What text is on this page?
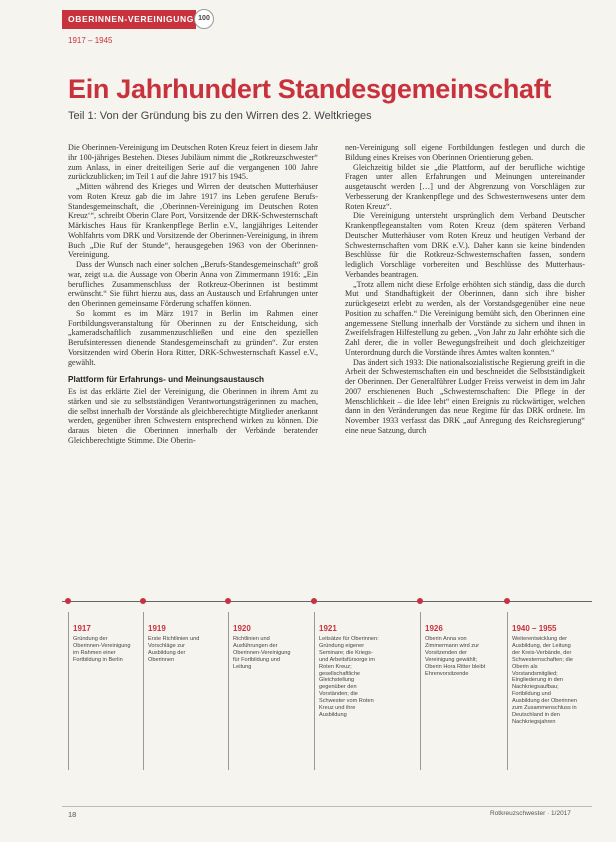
OBERINNEN-VEREINIGUNG 100
1917 – 1945
Ein Jahrhundert Standesgemeinschaft
Teil 1: Von der Gründung bis zu den Wirren des 2. Weltkrieges

Die Oberinnen-Vereinigung im Deutschen Roten Kreuz feiert in diesem Jahr ihr 100-jähriges Bestehen. Dieses Jubiläum nimmt die „Rotkreuzschwester“ zum Anlass, in einer dreiteiligen Serie auf die vergangenen 100 Jahre zurückzublicken; im Teil 1 auf die Jahre 1917 bis 1945.

„Mitten während des Krieges und Wirren der deutschen Mutterhäuser vom Roten Kreuz gab die im Jahre 1917 ins Leben gerufene Berufs-Standesgemeinschaft, die ‚Oberinnen-Vereinigung im Deutschen Roten Kreuz‘“, schreibt Oberin Clare Port, Vorsitzende der DRK-Schwesternschaft Märkisches Haus für Krankenpflege Berlin e.V., langjähriges Leitender Wohlfahrts vom DRK und Vorsitzende der Oberinnen-Vereinigung, in ihrem Buch „Die Ruf der Stunde“, herausgegeben 1963 von der Oberinnen-Vereinigung.

Dass der Wunsch nach einer solchen „Berufs-Standesgemeinschaft“ groß war, zeigt u.a. die Aussage von Oberin Anna von Zimmermann 1916: „Ein berufliches Zusammenschluss der Rotkreuz-Oberinnen ist bestimmt erwünscht.“ Sie führt hierzu aus, dass an Austausch und Erfahrungen unter den Oberinnen gemeinsame Förderung schaffen können.

So kommt es im März 1917 in Berlin im Rahmen einer Fortbildungsveranstaltung für Oberinnen zu der Entscheidung, sich „kameradschaftlich zusammenzuschließen und eine den speziellen Berufsinteressen dienende Standesgemeinschaft zu gründen“. Zur ersten Vorsitzenden wird Oberin Hora Ritter, DRK-Schwesternschaft Kassel e.V., gewählt.

Plattform für Erfahrungs- und Meinungsaustausch

Es ist das erklärte Ziel der Vereinigung, die Oberinnen in ihrem Amt zu stärken und sie zu selbstständigen Verantwortungsträgerinnen zu machen, die selbst innerhalb der Vorstände als gleichberechtigte Mitglieder anerkannt werden, gegenüber ihren Schwestern entsprechend wirken zu können. Die daraus bieten die Oberinnen innerhalb der Verbände beratender Gleichberechtigte Stimme. Die Oberin-

nen-Vereinigung soll eigene Fortbildungen festlegen und durch die Bildung eines Kreises von Oberinnen Orientierung geben.

Gleichzeitig bildet sie „die Plattform, auf der berufliche wichtige Fragen unter allen Erfahrungen und Meinungen untereinander ausgetauscht werden […] und der Abgrenzung von Vorschlägen zur Verbesserung der Krankenpflege und des Schwesternwesens unter dem Roten Kreuz“.

Die Vereinigung untersteht ursprünglich dem Verband Deutscher Krankenpflegeanstalten vom Roten Kreuz (dem späteren Verband Deutscher Mutterhäuser vom Roten Kreuz und heutigen Verband der Schwesternschaften vom DRK e.V.). Daher kann sie keine bindenden Beschlüsse für die Rotkreuz-Schwesternschaften fassen, sondern lediglich Vorschläge vorbereiten und Beschlüsse des Mutterhaus-Verbandes beantragen.

„Trotz allem nicht diese Erfolge erhöhten sich ständig, dass die durch Mut und Standhaftigkeit der Oberinnen, dann sich ihre bisher zurückgesetzt erlebt zu werden, als der Vorstandsgegenüber eine neue Position zu schaffen.“ Die Vereinigung bemüht sich, den Oberinnen eine angemessene Stellung innerhalb der Vorstände zu sichern und ihnen in Zweifelsfragen Hilfestellung zu geben. „Von Jahr zu Jahr erhöhte sich die Zahl derer, die in voller Bewegungsfreiheit und doch gleichzeitiger Unterordnung durch die Vorstände ihres Amtes walten konnten.“

Das ändert sich 1933: Die nationalsozialistische Regierung greift in die Arbeit der Schwesternschaften ein und beschneidet die Selbstständigkeit der Oberinnen. Der Generalführer Ludger Freiss verweist in dem im Jahr 2007 erschienenen Buch „Schwesternschaften: Die Pflege in der Menschlichkeit – die Idee lebt“ einen Ereignis zu rückwärtiger, welchen dann in den Veränderungen das neue Regime für das DRK ordnete. Im November 1933 verfasst das DRK „auf Anregung des Reichsregierung“ eine neue Satzung, durch

1917
Gründung der Oberinnen-Vereinigung im Rahmen einer Fortbildung in Berlin
1919
Erste Richtlinien und Vorschläge zur Ausbildung der Oberinnen
1920
Richtlinien und Ausführungen der Oberinnen-Vereinigung für Fortbildung und Leitung
1921
Leitsätze für Oberinnen: Gründung eigener Seminare; die Kriegs- und Arbeitsfürsorge im Roten Kreuz; gesellschaftliche Gleichstellung gegenüber den Vorständen; die Schwester vom Roten Kreuz und ihre Ausbildung
1926
Oberin Anna von Zimmermann wird zur Vorsitzenden der Vereinigung gewählt; Oberin Hora Ritter bleibt Ehrenvorsitzende
1940 – 1955
Weiterentwicklung der Ausbildung, der Leitung der Kreis-Verbände, der Schwesternschaften; die Oberin als Vorstandsmitglied; Eingliederung in den Nachkriegsaufbau; Fortbildung und Ausbildung der Oberinnen zum Zusammenschluss in Deutschland in den Nachkriegsjahren
18	Rotkreuzschwester · 1/2017
